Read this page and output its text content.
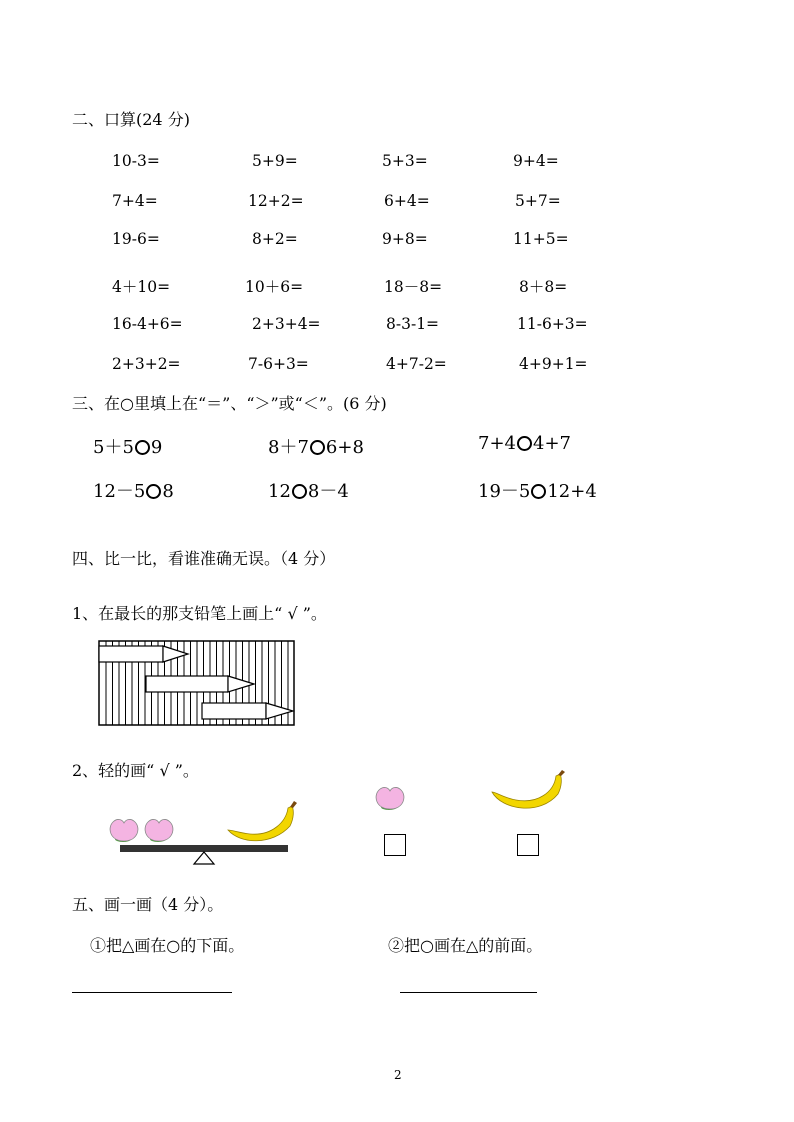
二、口算(24 分)
10-3=	5+9=	5+3=	9+4=
7+4=	12+2=	6+4=	5+7=
19-6=	8+2=	9+8=	11+5=
4＋10=	10＋6=	18－8=	8＋8=
16-4+6=	2+3+4=	8-3-1=	11-6+3=
2+3+2=	7-6+3=	4+7-2=	4+9+1=
三、在○里填上在“＝”、“＞”或“＜”。(6 分)
5＋5 9	8＋7 6+8	7+4 4+7
12－5 8	12 8－4	19－5 12+4
四、比一比，看谁准确无误。（4 分）
1、在最长的那支铅笔上画上“ √ ”。
2、轻的画“ √ ”。
五、画一画（4 分）。
①把△画在○的下面。	②把○画在△的前面。
2
